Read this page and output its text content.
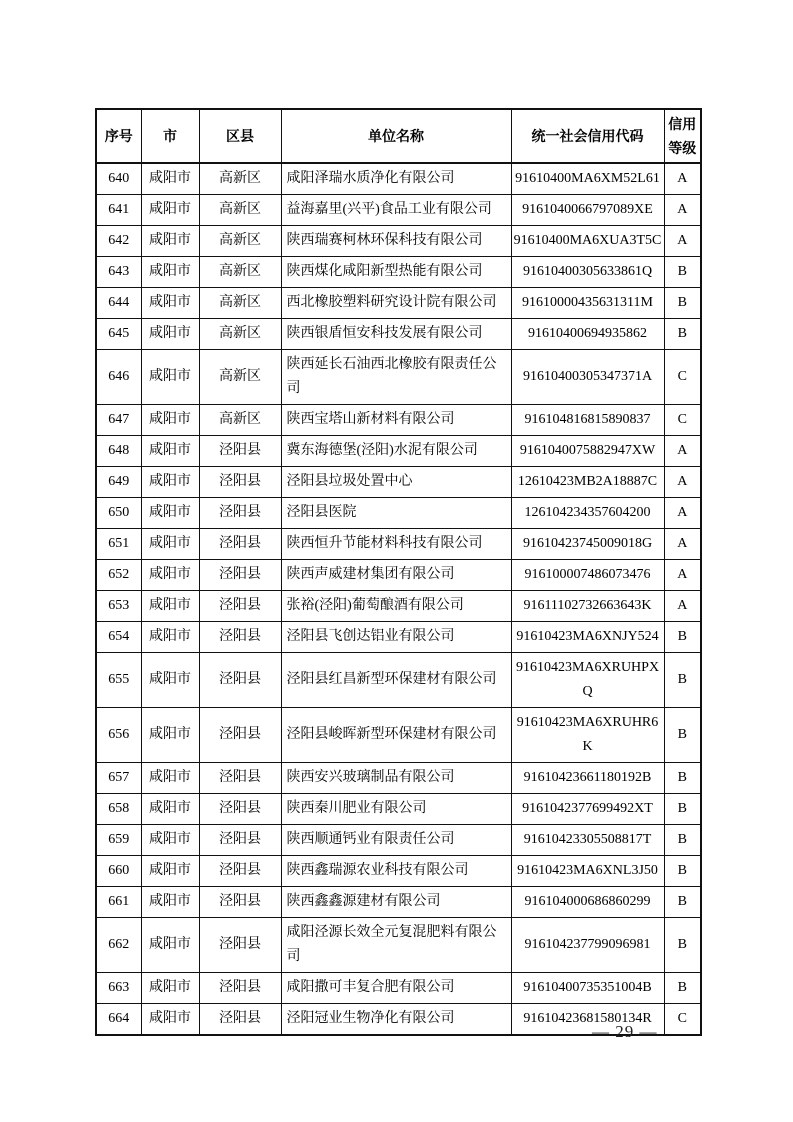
序号	市	区县	单位名称	统一社会信用代码	信用等级
640	咸阳市	高新区	咸阳泽瑞水质净化有限公司	91610400MA6XM52L61	A
641	咸阳市	高新区	益海嘉里(兴平)食品工业有限公司	9161040066797089XE	A
642	咸阳市	高新区	陕西瑞赛柯林环保科技有限公司	91610400MA6XUA3T5C	A
643	咸阳市	高新区	陕西煤化咸阳新型热能有限公司	91610400305633861Q	B
644	咸阳市	高新区	西北橡胶塑料研究设计院有限公司	91610000435631311M	B
645	咸阳市	高新区	陕西银盾恒安科技发展有限公司	91610400694935862	B
646	咸阳市	高新区	陕西延长石油西北橡胶有限责任公司	91610400305347371A	C
647	咸阳市	高新区	陕西宝塔山新材料有限公司	916104816815890837	C
648	咸阳市	泾阳县	冀东海德堡(泾阳)水泥有限公司	9161040075882947XW	A
649	咸阳市	泾阳县	泾阳县垃圾处置中心	12610423MB2A18887C	A
650	咸阳市	泾阳县	泾阳县医院	126104234357604200	A
651	咸阳市	泾阳县	陕西恒升节能材料科技有限公司	91610423745009018G	A
652	咸阳市	泾阳县	陕西声威建材集团有限公司	916100007486073476	A
653	咸阳市	泾阳县	张裕(泾阳)葡萄酿酒有限公司	91611102732663643K	A
654	咸阳市	泾阳县	泾阳县飞创达铝业有限公司	91610423MA6XNJY524	B
655	咸阳市	泾阳县	泾阳县红昌新型环保建材有限公司	91610423MA6XRUHPXQ	B
656	咸阳市	泾阳县	泾阳县峻晖新型环保建材有限公司	91610423MA6XRUHR6K	B
657	咸阳市	泾阳县	陕西安兴玻璃制品有限公司	91610423661180192B	B
658	咸阳市	泾阳县	陕西秦川肥业有限公司	9161042377699492XT	B
659	咸阳市	泾阳县	陕西顺通钙业有限责任公司	91610423305508817T	B
660	咸阳市	泾阳县	陕西鑫瑞源农业科技有限公司	91610423MA6XNL3J50	B
661	咸阳市	泾阳县	陕西鑫鑫源建材有限公司	916104000686860299	B
662	咸阳市	泾阳县	咸阳泾源长效全元复混肥料有限公司	916104237799096981	B
663	咸阳市	泾阳县	咸阳撒可丰复合肥有限公司	91610400735351004B	B
664	咸阳市	泾阳县	泾阳冠业生物净化有限公司	91610423681580134R	C
— 29 —
